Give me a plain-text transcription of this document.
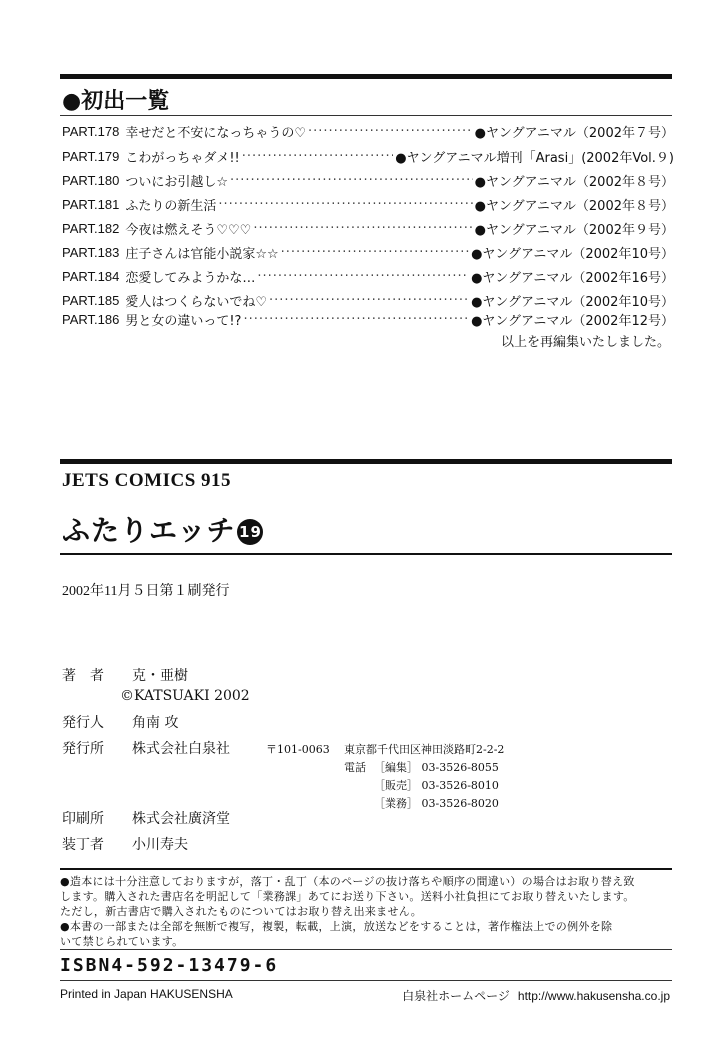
●初出一覧
PART.178 幸せだと不安になっちゃうの♡ ·····	●ヤングアニマル（2002年７号）
PART.179 こわがっちゃダメ!! ·····	●ヤングアニマル増刊「Arasi」(2002年Vol.９)
PART.180 ついにお引越し☆ ·····	●ヤングアニマル（2002年８号）
PART.181 ふたりの新生活 ·····	●ヤングアニマル（2002年８号）
PART.182 今夜は燃えそう♡♡♡ ·····	●ヤングアニマル（2002年９号）
PART.183 庄子さんは官能小説家☆☆ ·····	●ヤングアニマル（2002年10号）
PART.184 恋愛してみようかな… ·····	●ヤングアニマル（2002年16号）
PART.185 愛人はつくらないでね♡ ·····	●ヤングアニマル（2002年10号）
PART.186 男と女の違いって!? ·····	●ヤングアニマル（2002年12号）
以上を再編集いたしました。
JETS COMICS 915
ふたりエッチ 19
2002年11月５日第１刷発行
著　者 克・亜樹
©KATSUAKI 2002
発行人 角南 攻
発行所 株式会社白泉社	〒101-0063 東京都千代田区神田淡路町2-2-2
電話 ［編集］ 03-3526-8055
［販売］ 03-3526-8010
［業務］ 03-3526-8020
印刷所 株式会社廣済堂
装丁者 小川寿夫
●造本には十分注意しておりますが，落丁・乱丁（本のページの抜け落ちや順序の間違い）の場合はお取り替え致
します。購入された書店名を明記して「業務課」あてにお送り下さい。送料小社負担にてお取り替えいたします。
ただし，新古書店で購入されたものについてはお取り替え出来ません。
●本書の一部または全部を無断で複写，複製，転載，上演，放送などをすることは，著作権法上での例外を除
いて禁じられています。
ISBN4-592-13479-6
Printed in Japan HAKUSENSHA	白泉社ホームページ http://www.hakusensha.co.jp
